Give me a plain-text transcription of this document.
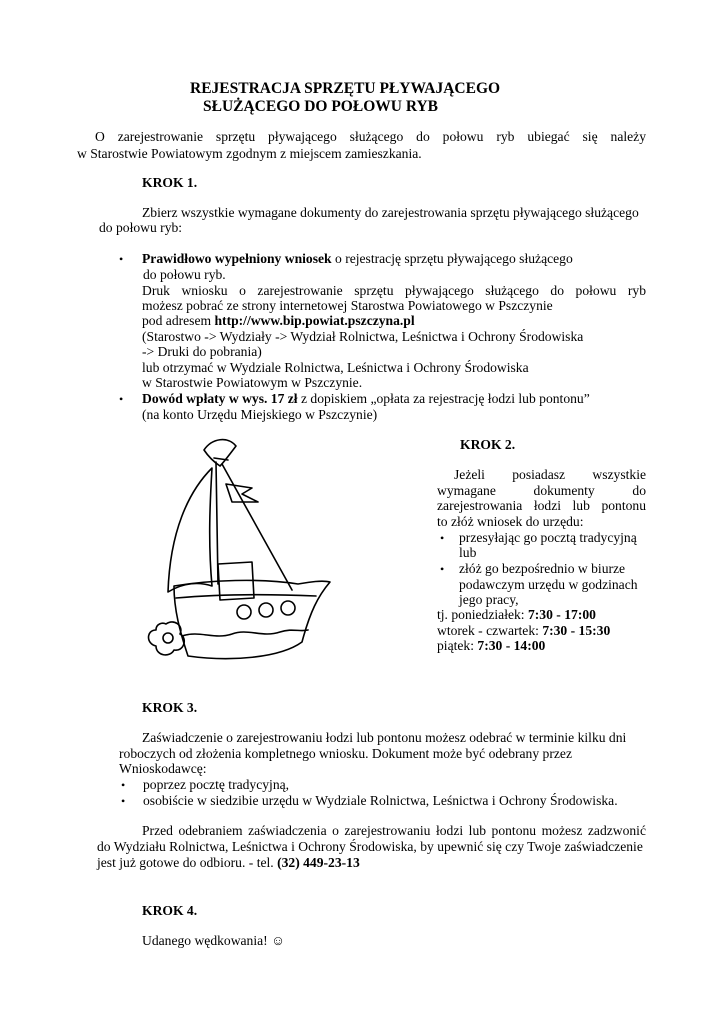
REJESTRACJA SPRZĘTU PŁYWAJĄCEGO
SŁUŻĄCEGO DO POŁOWU RYB
O zarejestrowanie sprzętu pływającego służącego do połowu ryb ubiegać się należy
w Starostwie Powiatowym zgodnym z miejscem zamieszkania.
KROK 1.
Zbierz wszystkie wymagane dokumenty do zarejestrowania sprzętu pływającego służącego
do połowu ryb:
• Prawidłowo wypełniony wniosek o rejestrację sprzętu pływającego służącego
do połowu ryb.
Druk wniosku o zarejestrowanie sprzętu pływającego służącego do połowu ryb
możesz pobrać ze strony internetowej Starostwa Powiatowego w Pszczynie
pod adresem http://www.bip.powiat.pszczyna.pl
(Starostwo -> Wydziały -> Wydział Rolnictwa, Leśnictwa i Ochrony Środowiska
-> Druki do pobrania)
lub otrzymać w Wydziale Rolnictwa, Leśnictwa i Ochrony Środowiska
w Starostwie Powiatowym w Pszczynie.
• Dowód wpłaty w wys. 17 zł z dopiskiem „opłata za rejestrację łodzi lub pontonu”
(na konto Urzędu Miejskiego w Pszczynie)
KROK 2.
Jeżeli posiadasz wszystkie
wymagane dokumenty do
zarejestrowania łodzi lub pontonu
to złóż wniosek do urzędu:
• przesyłając go pocztą tradycyjną
lub
• złóż go bezpośrednio w biurze
podawczym urzędu w godzinach
jego pracy,
tj. poniedziałek: 7:30 - 17:00
wtorek - czwartek: 7:30 - 15:30
piątek: 7:30 - 14:00
KROK 3.
Zaświadczenie o zarejestrowaniu łodzi lub pontonu możesz odebrać w terminie kilku dni
roboczych od złożenia kompletnego wniosku. Dokument może być odebrany przez
Wnioskodawcę:
• poprzez pocztę tradycyjną,
• osobiście w siedzibie urzędu w Wydziale Rolnictwa, Leśnictwa i Ochrony Środowiska.
Przed odebraniem zaświadczenia o zarejestrowaniu łodzi lub pontonu możesz zadzwonić
do Wydziału Rolnictwa, Leśnictwa i Ochrony Środowiska, by upewnić się czy Twoje zaświadczenie
jest już gotowe do odbioru. - tel. (32) 449-23-13
KROK 4.
Udanego wędkowania! ☺
